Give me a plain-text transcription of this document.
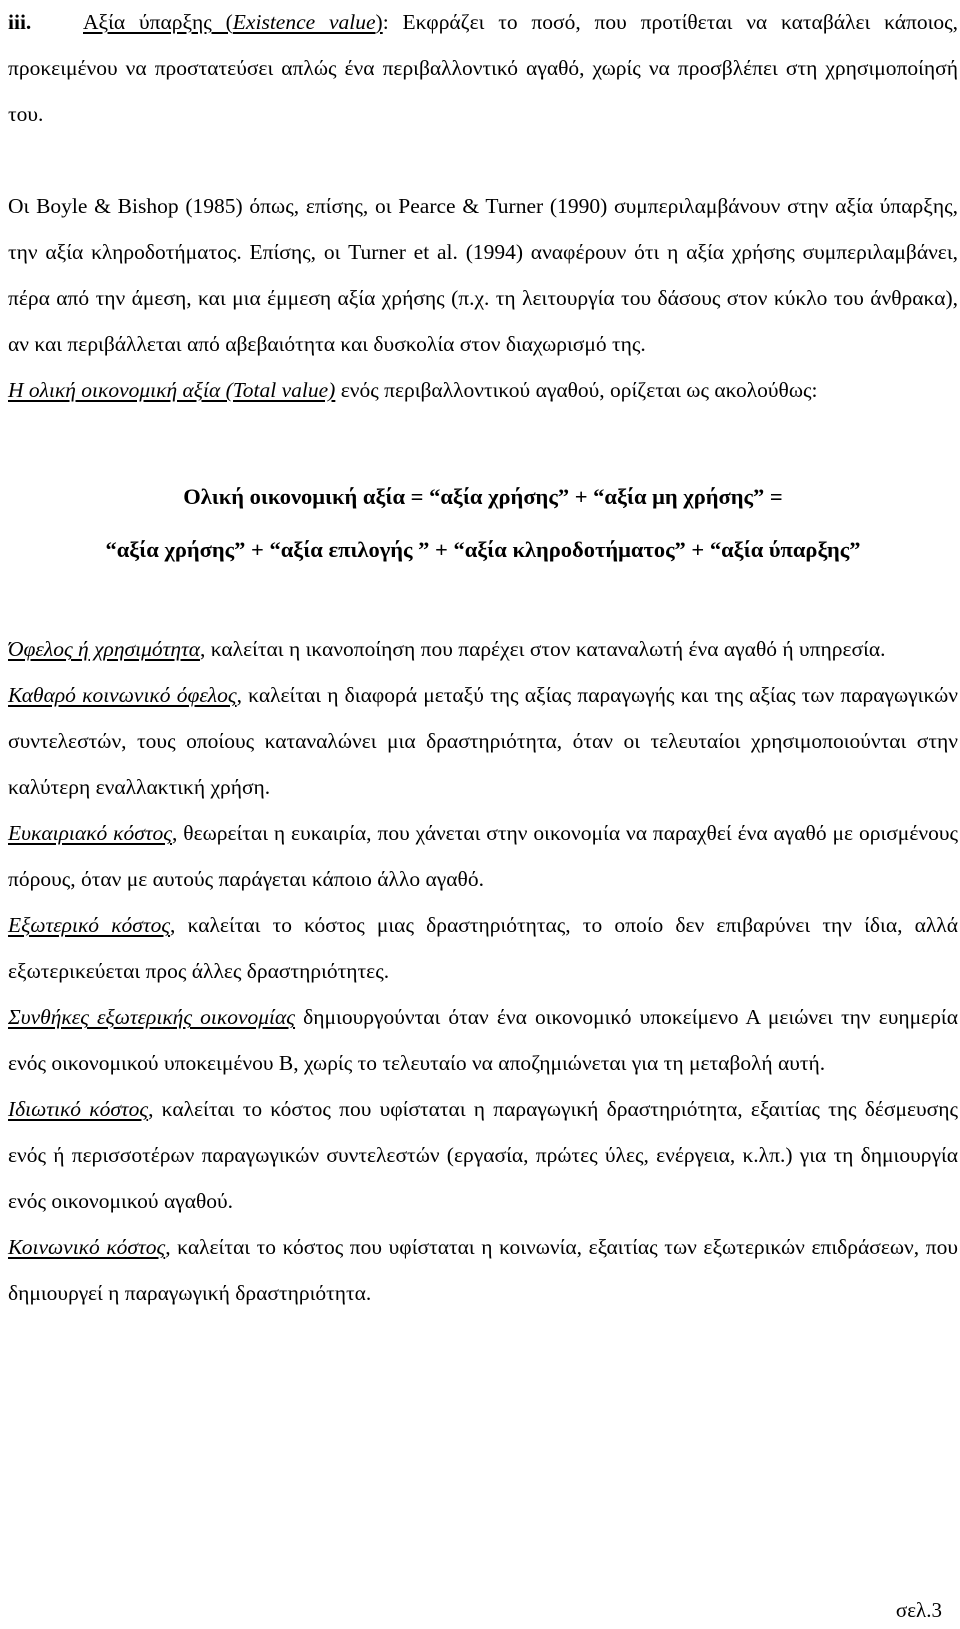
iii. Αξία ύπαρξης (Existence value): Εκφράζει το ποσό, που προτίθεται να καταβάλει κάποιος, προκειμένου να προστατεύσει απλώς ένα περιβαλλοντικό αγαθό, χωρίς να προσβλέπει στη χρησιμοποίησή του.

Οι Boyle & Bishop (1985) όπως, επίσης, οι Pearce & Turner (1990) συμπεριλαμβάνουν στην αξία ύπαρξης, την αξία κληροδοτήματος. Επίσης, οι Turner et al. (1994) αναφέρουν ότι η αξία χρήσης συμπεριλαμβάνει, πέρα από την άμεση, και μια έμμεση αξία χρήσης (π.χ. τη λειτουργία του δάσους στον κύκλο του άνθρακα), αν και περιβάλλεται από αβεβαιότητα και δυσκολία στον διαχωρισμό της.

Η ολική οικονομική αξία (Total value) ενός περιβαλλοντικού αγαθού, ορίζεται ως ακολούθως:

Ολική οικονομική αξία = “αξία χρήσης” + “αξία μη χρήσης” =

“αξία χρήσης” + “αξία επιλογής ” + “αξία κληροδοτήματος” + “αξία ύπαρξης”

Όφελος ή χρησιμότητα, καλείται η ικανοποίηση που παρέχει στον καταναλωτή ένα αγαθό ή υπηρεσία.

Καθαρό κοινωνικό όφελος, καλείται η διαφορά μεταξύ της αξίας παραγωγής και της αξίας των παραγωγικών συντελεστών, τους οποίους καταναλώνει μια δραστηριότητα, όταν οι τελευταίοι χρησιμοποιούνται στην καλύτερη εναλλακτική χρήση.

Ευκαιριακό κόστος, θεωρείται η ευκαιρία, που χάνεται στην οικονομία να παραχθεί ένα αγαθό με ορισμένους πόρους, όταν με αυτούς παράγεται κάποιο άλλο αγαθό.

Εξωτερικό κόστος, καλείται το κόστος μιας δραστηριότητας, το οποίο δεν επιβαρύνει την ίδια, αλλά εξωτερικεύεται προς άλλες δραστηριότητες.

Συνθήκες εξωτερικής οικονομίας δημιουργούνται όταν ένα οικονομικό υποκείμενο Α μειώνει την ευημερία ενός οικονομικού υποκειμένου Β, χωρίς το τελευταίο να αποζημιώνεται για τη μεταβολή αυτή.

Ιδιωτικό κόστος, καλείται το κόστος που υφίσταται η παραγωγική δραστηριότητα, εξαιτίας της δέσμευσης ενός ή περισσοτέρων παραγωγικών συντελεστών (εργασία, πρώτες ύλες, ενέργεια, κ.λπ.) για τη δημιουργία ενός οικονομικού αγαθού.

Κοινωνικό κόστος, καλείται το κόστος που υφίσταται η κοινωνία, εξαιτίας των εξωτερικών επιδράσεων, που δημιουργεί η παραγωγική δραστηριότητα.

σελ.3
